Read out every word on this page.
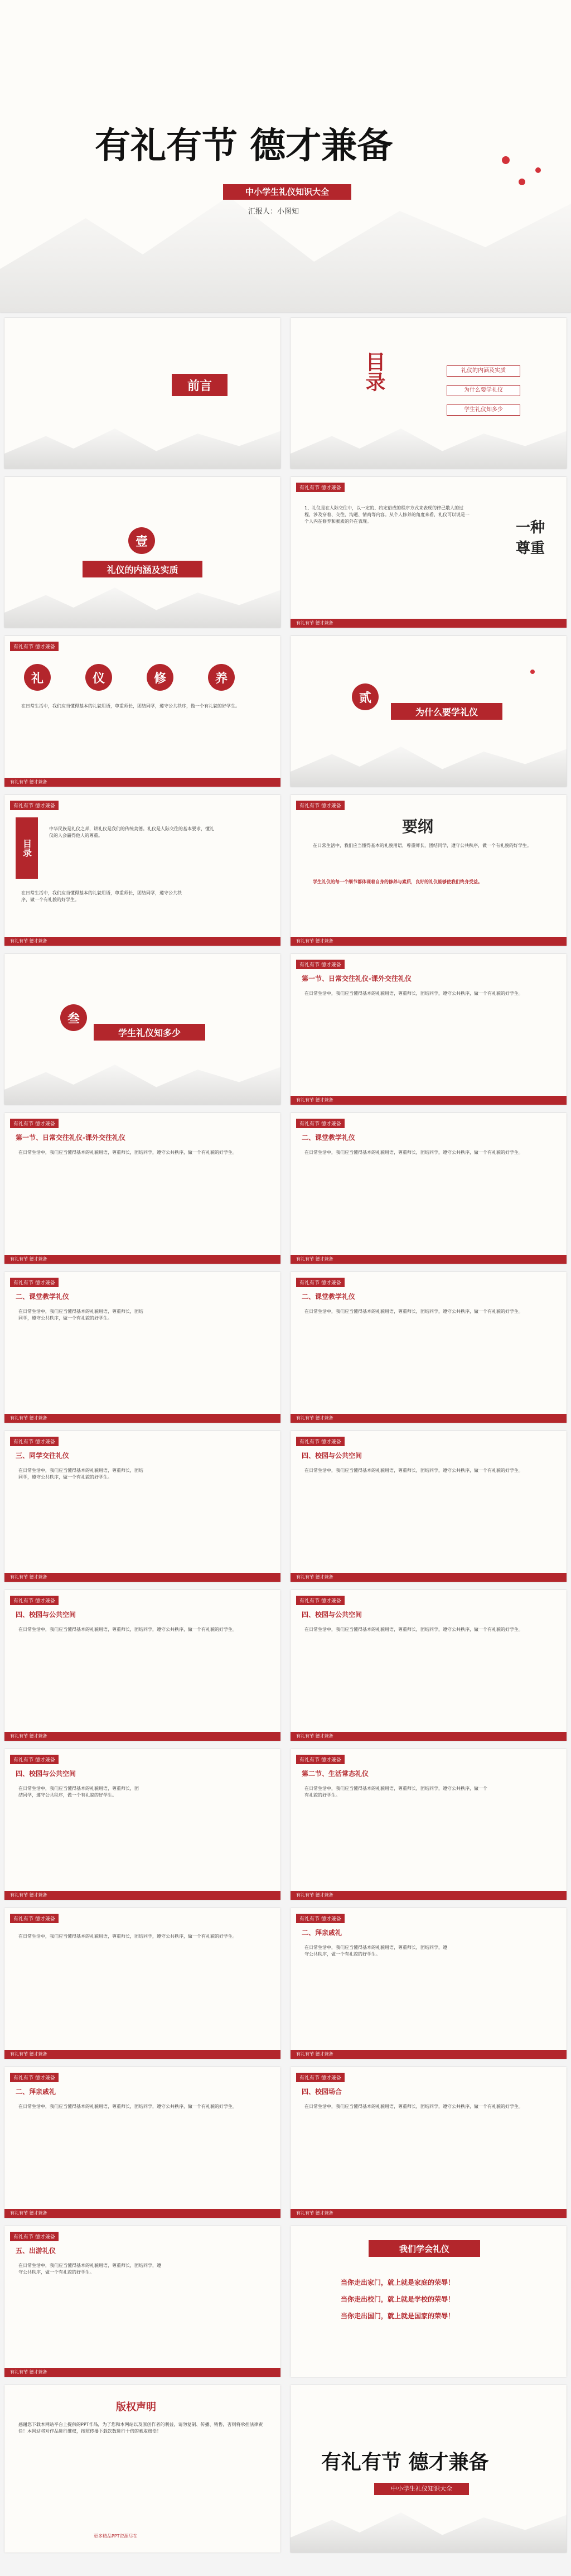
有礼有节 德才兼备
中小学生礼仪知识大全
汇报人：小图知
前言	目录	礼仪的内涵及实质
为什么要学礼仪
学生礼仪知多少
壹
礼仪的内涵及实质
有礼有节 德才兼备
1、礼仪是在人际交往中，以一定的、约定俗成的程序方式来表现的律己敬人的过程，涉及穿着、交往、沟通、情商等内容。从个人修养的角度来看，礼仪可以说是一个人内在修养和素质的外在表现。	一种 尊重
有礼有节 德才兼备
有礼有节 德才兼备
礼	仪	修	养
在日常生活中，我们应当懂得基本的礼貌用语，尊重师长，团结同学，遵守公共秩序，做一个有礼貌的好学生。
有礼有节 德才兼备
贰
为什么要学礼仪
有礼有节 德才兼备
目录
中华民族是礼仪之邦，讲礼仪是我们的传统美德。礼仪是人际交往的基本要求，懂礼仪的人会赢得他人的尊重。
在日常生活中，我们应当懂得基本的礼貌用语，尊重师长，团结同学，遵守公共秩序，做一个有礼貌的好学生。
有礼有节 德才兼备
有礼有节 德才兼备
要纲
在日常生活中，我们应当懂得基本的礼貌用语，尊重师长，团结同学，遵守公共秩序，做一个有礼貌的好学生。
学生礼仪的每一个细节都体现着自身的修养与素质，良好的礼仪能够使我们终身受益。
有礼有节 德才兼备
叁
学生礼仪知多少
有礼有节 德才兼备
第一节、日常交往礼仪-课外交往礼仪
在日常生活中，我们应当懂得基本的礼貌用语，尊重师长，团结同学，遵守公共秩序，做一个有礼貌的好学生。
有礼有节 德才兼备
有礼有节 德才兼备
第一节、日常交往礼仪-课外交往礼仪
在日常生活中，我们应当懂得基本的礼貌用语，尊重师长，团结同学，遵守公共秩序，做一个有礼貌的好学生。
有礼有节 德才兼备
有礼有节 德才兼备
二、课堂教学礼仪
在日常生活中，我们应当懂得基本的礼貌用语，尊重师长，团结同学，遵守公共秩序，做一个有礼貌的好学生。
有礼有节 德才兼备
有礼有节 德才兼备
二、课堂教学礼仪
在日常生活中，我们应当懂得基本的礼貌用语，尊重师长，团结同学，遵守公共秩序，做一个有礼貌的好学生。
有礼有节 德才兼备
有礼有节 德才兼备
二、课堂教学礼仪
在日常生活中，我们应当懂得基本的礼貌用语，尊重师长，团结同学，遵守公共秩序，做一个有礼貌的好学生。
有礼有节 德才兼备
有礼有节 德才兼备
三、同学交往礼仪
在日常生活中，我们应当懂得基本的礼貌用语，尊重师长，团结同学，遵守公共秩序，做一个有礼貌的好学生。
有礼有节 德才兼备
有礼有节 德才兼备
四、校园与公共空间
在日常生活中，我们应当懂得基本的礼貌用语，尊重师长，团结同学，遵守公共秩序，做一个有礼貌的好学生。
有礼有节 德才兼备
有礼有节 德才兼备
四、校园与公共空间
在日常生活中，我们应当懂得基本的礼貌用语，尊重师长，团结同学，遵守公共秩序，做一个有礼貌的好学生。
有礼有节 德才兼备
有礼有节 德才兼备
四、校园与公共空间
在日常生活中，我们应当懂得基本的礼貌用语，尊重师长，团结同学，遵守公共秩序，做一个有礼貌的好学生。
有礼有节 德才兼备
有礼有节 德才兼备
四、校园与公共空间
在日常生活中，我们应当懂得基本的礼貌用语，尊重师长，团结同学，遵守公共秩序，做一个有礼貌的好学生。
有礼有节 德才兼备
有礼有节 德才兼备
第二节、生活常态礼仪
在日常生活中，我们应当懂得基本的礼貌用语，尊重师长，团结同学，遵守公共秩序，做一个有礼貌的好学生。
有礼有节 德才兼备
有礼有节 德才兼备
在日常生活中，我们应当懂得基本的礼貌用语，尊重师长，团结同学，遵守公共秩序，做一个有礼貌的好学生。
有礼有节 德才兼备
有礼有节 德才兼备
二、拜亲戚礼
在日常生活中，我们应当懂得基本的礼貌用语，尊重师长，团结同学，遵守公共秩序，做一个有礼貌的好学生。
有礼有节 德才兼备
有礼有节 德才兼备
二、拜亲戚礼
在日常生活中，我们应当懂得基本的礼貌用语，尊重师长，团结同学，遵守公共秩序，做一个有礼貌的好学生。
有礼有节 德才兼备
有礼有节 德才兼备
四、校园场合
在日常生活中，我们应当懂得基本的礼貌用语，尊重师长，团结同学，遵守公共秩序，做一个有礼貌的好学生。
有礼有节 德才兼备
有礼有节 德才兼备
五、出游礼仪
在日常生活中，我们应当懂得基本的礼貌用语，尊重师长，团结同学，遵守公共秩序，做一个有礼貌的好学生。
有礼有节 德才兼备
我们学会礼仪
当你走出家门，就上就是家庭的荣辱！
当你走出校门，就上就是学校的荣辱！
当你走出国门，就上就是国家的荣辱！
版权声明
感谢您下载本网站平台上提供的PPT作品，为了您和本网站以及原创作者的利益，请勿复制、传播、销售，否则将承担法律责任！本网站将对作品进行维权，按照传播下载次数进行十倍的索取赔偿！
更多精品PPT资源尽在
有礼有节 德才兼备
中小学生礼仪知识大全
